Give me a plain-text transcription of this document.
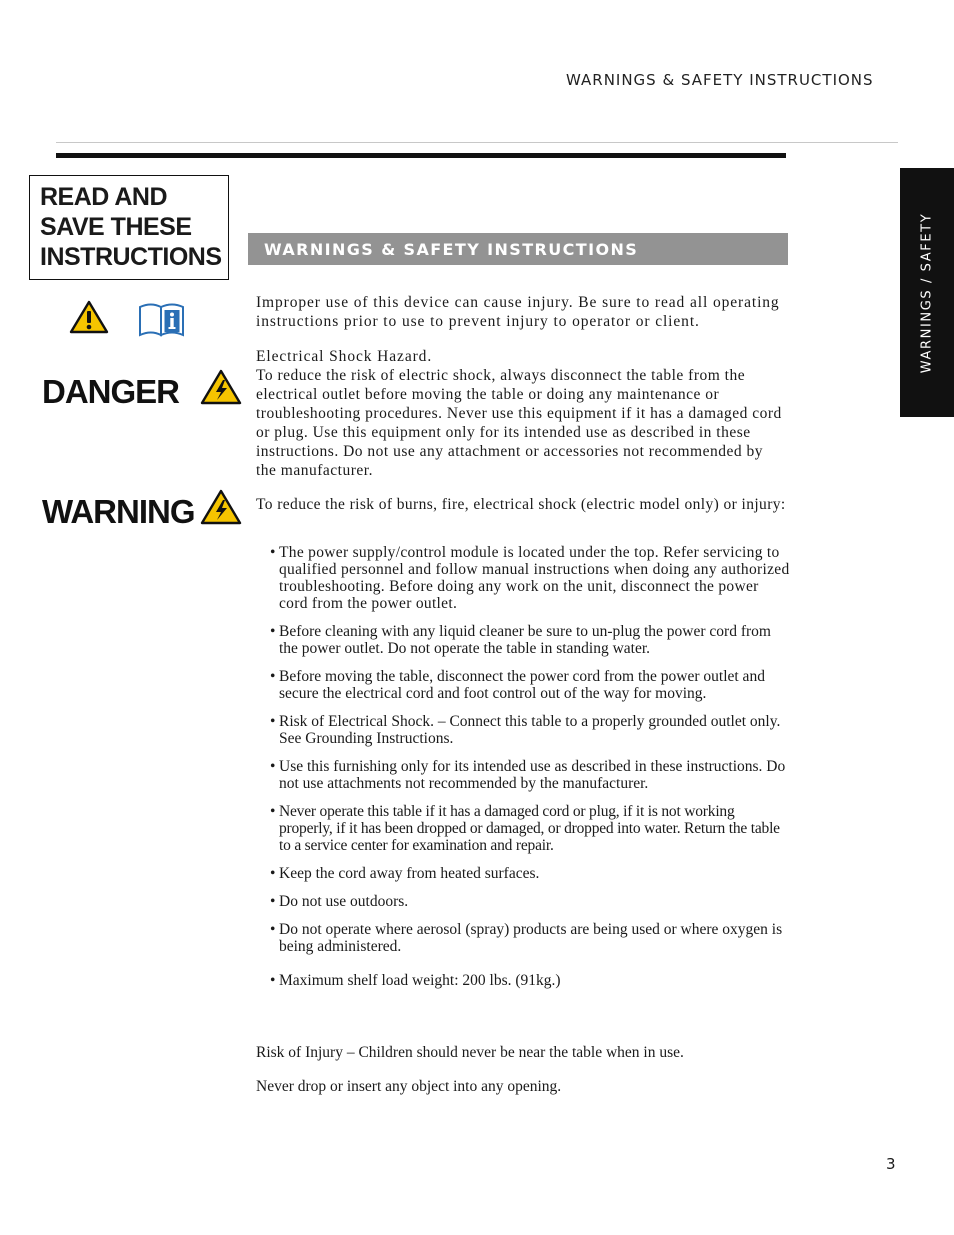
WARNINGS & SAFETY INSTRUCTIONS
WARNINGS / SAFETY
READ AND
SAVE THESE
INSTRUCTIONS	WARNINGS & SAFETY INSTRUCTIONS
DANGER
WARNING
Improper use of this device can cause injury. Be sure to read all operating instructions prior to use to prevent injury to operator or client.
Electrical Shock Hazard.
To reduce the risk of electric shock, always disconnect the table from the electrical outlet before moving the table or doing any maintenance or troubleshooting procedures. Never use this equipment if it has a damaged cord or plug. Use this equipment only for its intended use as described in these instructions. Do not use any attachment or accessories not recommended by the manufacturer.
To reduce the risk of burns, fire, electrical shock (electric model only) or injury:
• The power supply/control module is located under the top. Refer servicing to qualified personnel and follow manual instructions when doing any authorized troubleshooting. Before doing any work on the unit, disconnect the power cord from the power outlet.
• Before cleaning with any liquid cleaner be sure to un-plug the power cord from the power outlet. Do not operate the table in standing water.
• Before moving the table, disconnect the power cord from the power outlet and secure the electrical cord and foot control out of the way for moving.
• Risk of Electrical Shock. – Connect this table to a properly grounded outlet only. See Grounding Instructions.
• Use this furnishing only for its intended use as described in these instructions. Do not use attachments not recommended by the manufacturer.
• Never operate this table if it has a damaged cord or plug, if it is not working properly, if it has been dropped or damaged, or dropped into water. Return the table to a service center for examination and repair.
• Keep the cord away from heated surfaces.
• Do not use outdoors.
• Do not operate where aerosol (spray) products are being used or where oxygen is being administered.
• Maximum shelf load weight: 200 lbs. (91kg.)
Risk of Injury – Children should never be near the table when in use.
Never drop or insert any object into any opening.
3
